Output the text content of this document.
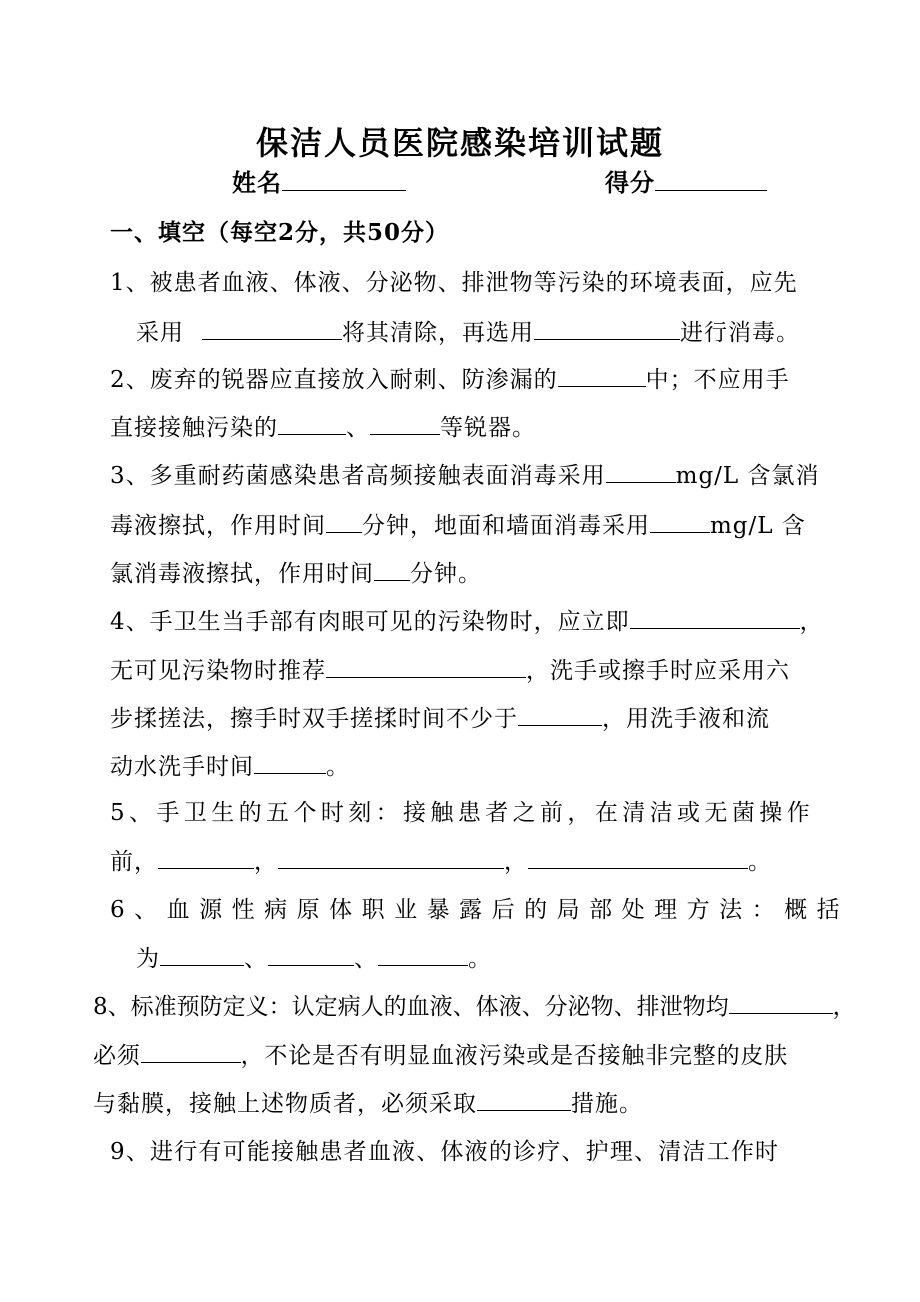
保洁人员医院感染培训试题
姓名	得分
一、填空（每空2分，共50分）
1、被患者血液、体液、分泌物、排泄物等污染的环境表面，应先
采用	将其清除，再选用	进行消毒。
2、废弃的锐器应直接放入耐刺、防渗漏的	中；不应用手
直接接触污染的	、	等锐器。
3、多重耐药菌感染患者高频接触表面消毒采用	mg/L 含氯消
毒液擦拭，作用时间 分钟，地面和墙面消毒采用	mg/L 含
氯消毒液擦拭，作用时间 分钟。
4、手卫生当手部有肉眼可见的污染物时，应立即	，
无可见污染物时推荐	，洗手或擦手时应采用六
步揉搓法，擦手时双手搓揉时间不少于	，用洗手液和流
动水洗手时间	。
5、手卫生的五个时刻：接触患者之前，在清洁或无菌操作
前，	，	，	。
6、血源性病原体职业暴露后的局部处理方法：概括
为	、	、	。
8、标准预防定义：认定病人的血液、体液、分泌物、排泄物均	，
必须	，不论是否有明显血液污染或是否接触非完整的皮肤
与黏膜，接触上述物质者，必须采取	措施。
9、进行有可能接触患者血液、体液的诊疗、护理、清洁工作时
